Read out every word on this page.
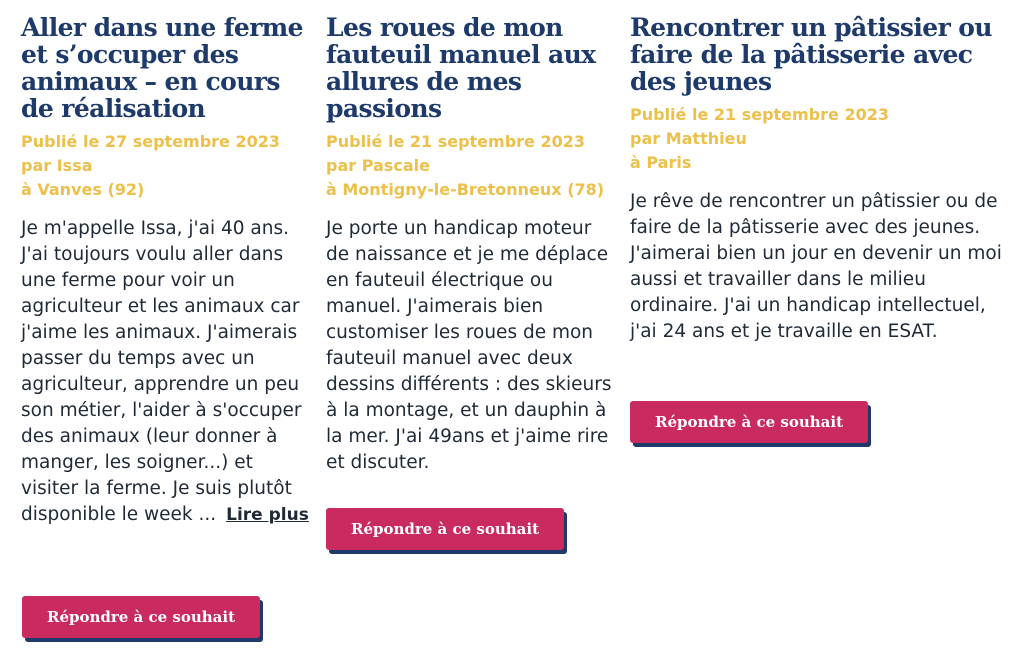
Aller dans une ferme et s’occuper des animaux – en cours de réalisation
Publié le 27 septembre 2023
par Issa
à Vanves (92)
Je m'appelle Issa, j'ai 40 ans. J'ai toujours voulu aller dans une ferme pour voir un agriculteur et les animaux car j'aime les animaux. J'aimerais passer du temps avec un agriculteur, apprendre un peu son métier, l'aider à s'occuper des animaux (leur donner à manger, les soigner...) et visiter la ferme. Je suis plutôt disponible le week ... Lire plus
Répondre à ce souhait
Les roues de mon fauteuil manuel aux allures de mes passions
Publié le 21 septembre 2023
par Pascale
à Montigny-le-Bretonneux (78)
Je porte un handicap moteur de naissance et je me déplace en fauteuil électrique ou manuel. J'aimerais bien customiser les roues de mon fauteuil manuel avec deux dessins différents : des skieurs à la montage, et un dauphin à la mer. J'ai 49ans et j'aime rire et discuter.
Répondre à ce souhait
Rencontrer un pâtissier ou faire de la pâtisserie avec des jeunes
Publié le 21 septembre 2023
par Matthieu
à Paris
Je rêve de rencontrer un pâtissier ou de faire de la pâtisserie avec des jeunes. J'aimerai bien un jour en devenir un moi aussi et travailler dans le milieu ordinaire. J'ai un handicap intellectuel, j'ai 24 ans et je travaille en ESAT.
Répondre à ce souhait
